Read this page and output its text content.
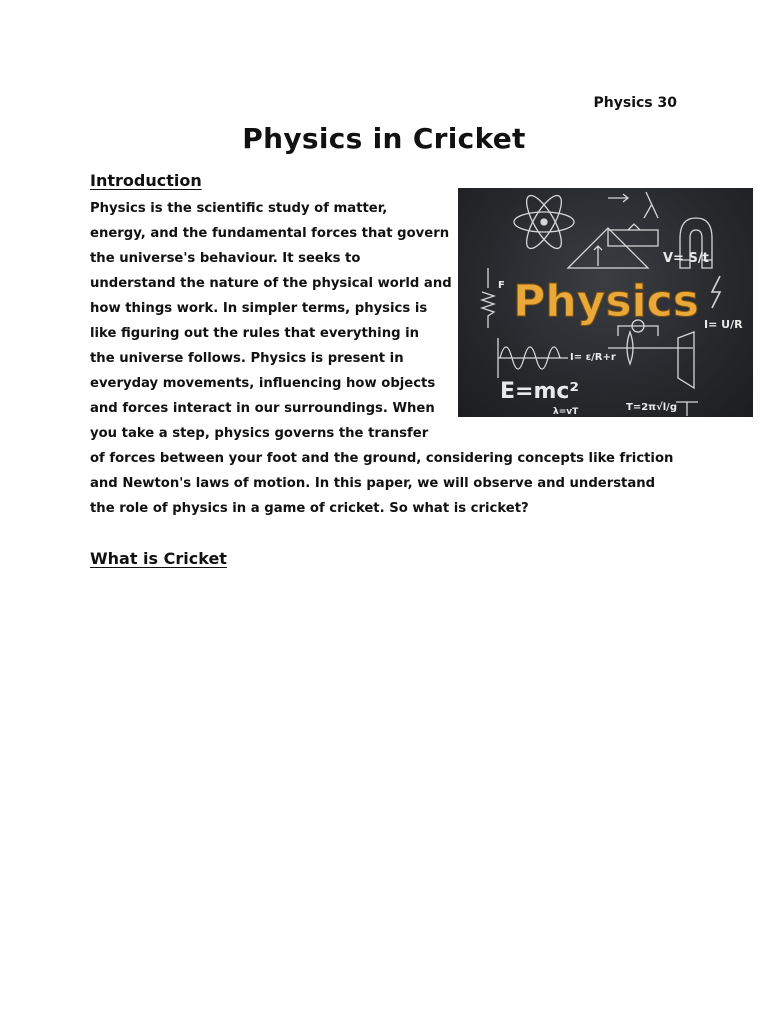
Physics 30
Physics in Cricket
Introduction

Physics is the scientific study of matter,
energy, and the fundamental forces that govern
the universe's behaviour. It seeks to
understand the nature of the physical world and
how things work. In simpler terms, physics is
like figuring out the rules that everything in
the universe follows. Physics is present in
everyday movements, influencing how objects
and forces interact in our surroundings. When
you take a step, physics governs the transfer
of forces between your foot and the ground, considering concepts like friction
and Newton's laws of motion. In this paper, we will observe and understand
the role of physics in a game of cricket. So what is cricket?

V= S/t
F
I= U/R
I= ε/R+r
E=mc²
T=2π√l/g
λ=vT
Physics
What is Cricket
